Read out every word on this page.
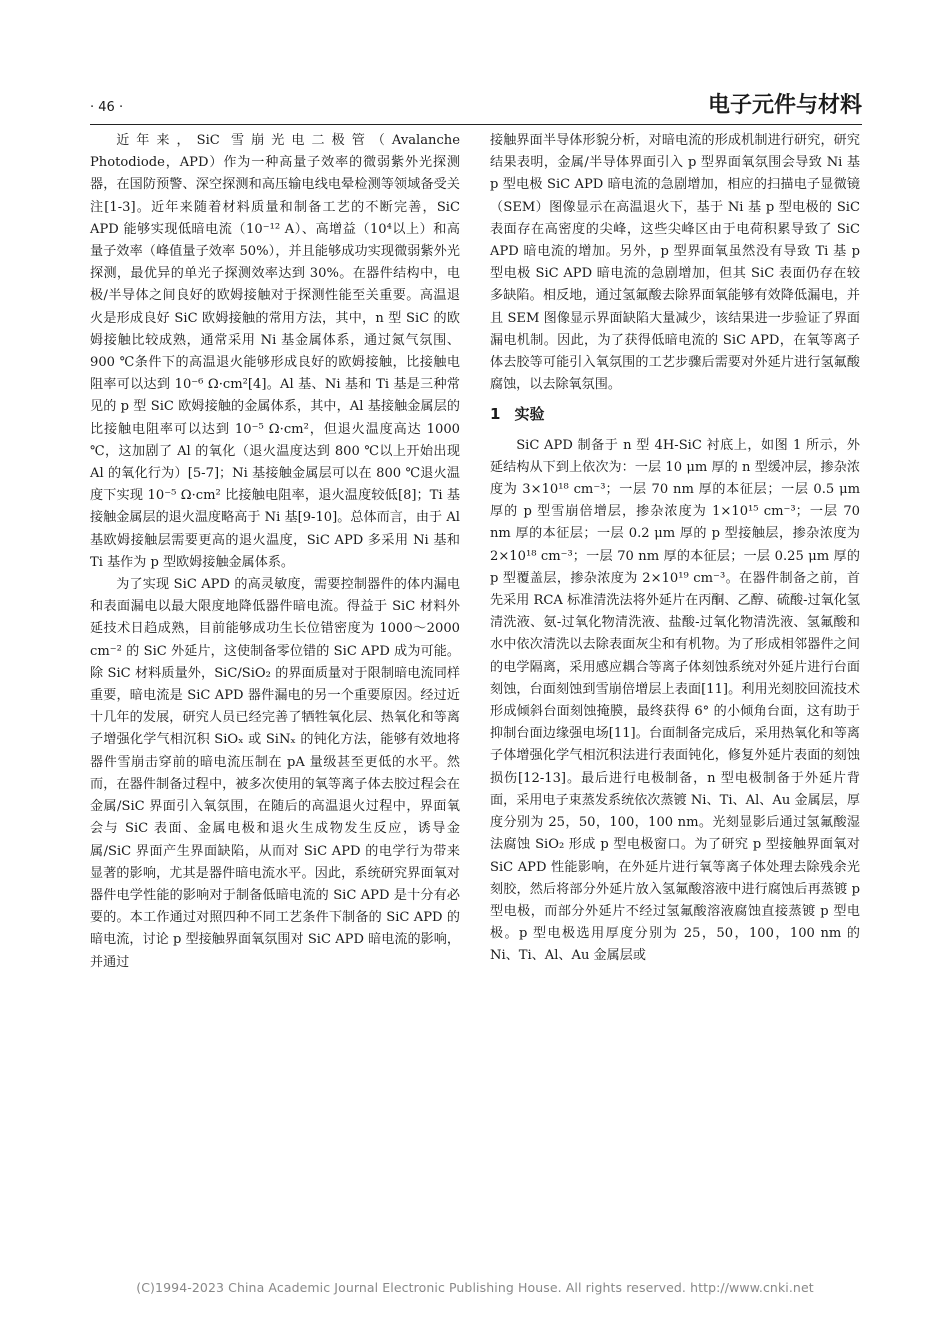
· 46 ·	电子元件与材料

近年来，SiC 雪崩光电二极管（Avalanche Photodiode，APD）作为一种高量子效率的微弱紫外光探测器，在国防预警、深空探测和高压输电线电晕检测等领域备受关注[1-3]。近年来随着材料质量和制备工艺的不断完善，SiC APD 能够实现低暗电流（10⁻¹² A）、高增益（10⁴以上）和高量子效率（峰值量子效率 50%），并且能够成功实现微弱紫外光探测，最优异的单光子探测效率达到 30%。在器件结构中，电极/半导体之间良好的欧姆接触对于探测性能至关重要。高温退火是形成良好 SiC 欧姆接触的常用方法，其中，n 型 SiC 的欧姆接触比较成熟，通常采用 Ni 基金属体系，通过氮气氛围、900 ℃条件下的高温退火能够形成良好的欧姆接触，比接触电阻率可以达到 10⁻⁶ Ω·cm²[4]。Al 基、Ni 基和 Ti 基是三种常见的 p 型 SiC 欧姆接触的金属体系，其中，Al 基接触金属层的比接触电阻率可以达到 10⁻⁵ Ω·cm²，但退火温度高达 1000 ℃，这加剧了 Al 的氧化（退火温度达到 800 ℃以上开始出现 Al 的氧化行为）[5-7]；Ni 基接触金属层可以在 800 ℃退火温度下实现 10⁻⁵ Ω·cm² 比接触电阻率，退火温度较低[8]；Ti 基接触金属层的退火温度略高于 Ni 基[9-10]。总体而言，由于 Al 基欧姆接触层需要更高的退火温度，SiC APD 多采用 Ni 基和 Ti 基作为 p 型欧姆接触金属体系。

为了实现 SiC APD 的高灵敏度，需要控制器件的体内漏电和表面漏电以最大限度地降低器件暗电流。得益于 SiC 材料外延技术日趋成熟，目前能够成功生长位错密度为 1000～2000 cm⁻² 的 SiC 外延片，这使制备零位错的 SiC APD 成为可能。除 SiC 材料质量外，SiC/SiO₂ 的界面质量对于限制暗电流同样重要，暗电流是 SiC APD 器件漏电的另一个重要原因。经过近十几年的发展，研究人员已经完善了牺牲氧化层、热氧化和等离子增强化学气相沉积 SiOₓ 或 SiNₓ 的钝化方法，能够有效地将器件雪崩击穿前的暗电流压制在 pA 量级甚至更低的水平。然而，在器件制备过程中，被多次使用的氧等离子体去胶过程会在金属/SiC 界面引入氧氛围，在随后的高温退火过程中，界面氧会与 SiC 表面、金属电极和退火生成物发生反应，诱导金属/SiC 界面产生界面缺陷，从而对 SiC APD 的电学行为带来显著的影响，尤其是器件暗电流水平。因此，系统研究界面氧对器件电学性能的影响对于制备低暗电流的 SiC APD 是十分有必要的。本工作通过对照四种不同工艺条件下制备的 SiC APD 的暗电流，讨论 p 型接触界面氧氛围对 SiC APD 暗电流的影响，并通过

接触界面半导体形貌分析，对暗电流的形成机制进行研究，研究结果表明，金属/半导体界面引入 p 型界面氧氛围会导致 Ni 基 p 型电极 SiC APD 暗电流的急剧增加，相应的扫描电子显微镜（SEM）图像显示在高温退火下，基于 Ni 基 p 型电极的 SiC 表面存在高密度的尖峰，这些尖峰区由于电荷积累导致了 SiC APD 暗电流的增加。另外，p 型界面氧虽然没有导致 Ti 基 p 型电极 SiC APD 暗电流的急剧增加，但其 SiC 表面仍存在较多缺陷。相反地，通过氢氟酸去除界面氧能够有效降低漏电，并且 SEM 图像显示界面缺陷大量减少，该结果进一步验证了界面漏电机制。因此，为了获得低暗电流的 SiC APD，在氧等离子体去胶等可能引入氧氛围的工艺步骤后需要对外延片进行氢氟酸腐蚀，以去除氧氛围。

1 实验

SiC APD 制备于 n 型 4H-SiC 衬底上，如图 1 所示，外延结构从下到上依次为：一层 10 μm 厚的 n 型缓冲层，掺杂浓度为 3×10¹⁸ cm⁻³；一层 70 nm 厚的本征层；一层 0.5 μm 厚的 p 型雪崩倍增层，掺杂浓度为 1×10¹⁵ cm⁻³；一层 70 nm 厚的本征层；一层 0.2 μm 厚的 p 型接触层，掺杂浓度为 2×10¹⁸ cm⁻³；一层 70 nm 厚的本征层；一层 0.25 μm 厚的 p 型覆盖层，掺杂浓度为 2×10¹⁹ cm⁻³。在器件制备之前，首先采用 RCA 标准清洗法将外延片在丙酮、乙醇、硫酸-过氧化氢清洗液、氨-过氧化物清洗液、盐酸-过氧化物清洗液、氢氟酸和水中依次清洗以去除表面灰尘和有机物。为了形成相邻器件之间的电学隔离，采用感应耦合等离子体刻蚀系统对外延片进行台面刻蚀，台面刻蚀到雪崩倍增层上表面[11]。利用光刻胶回流技术形成倾斜台面刻蚀掩膜，最终获得 6° 的小倾角台面，这有助于抑制台面边缘强电场[11]。台面制备完成后，采用热氧化和等离子体增强化学气相沉积法进行表面钝化，修复外延片表面的刻蚀损伤[12-13]。最后进行电极制备，n 型电极制备于外延片背面，采用电子束蒸发系统依次蒸镀 Ni、Ti、Al、Au 金属层，厚度分别为 25，50，100，100 nm。光刻显影后通过氢氟酸湿法腐蚀 SiO₂ 形成 p 型电极窗口。为了研究 p 型接触界面氧对 SiC APD 性能影响，在外延片进行氧等离子体处理去除残余光刻胶，然后将部分外延片放入氢氟酸溶液中进行腐蚀后再蒸镀 p 型电极，而部分外延片不经过氢氟酸溶液腐蚀直接蒸镀 p 型电极。p 型电极选用厚度分别为 25，50，100，100 nm 的 Ni、Ti、Al、Au 金属层或

(C)1994-2023 China Academic Journal Electronic Publishing House. All rights reserved. http://www.cnki.net
